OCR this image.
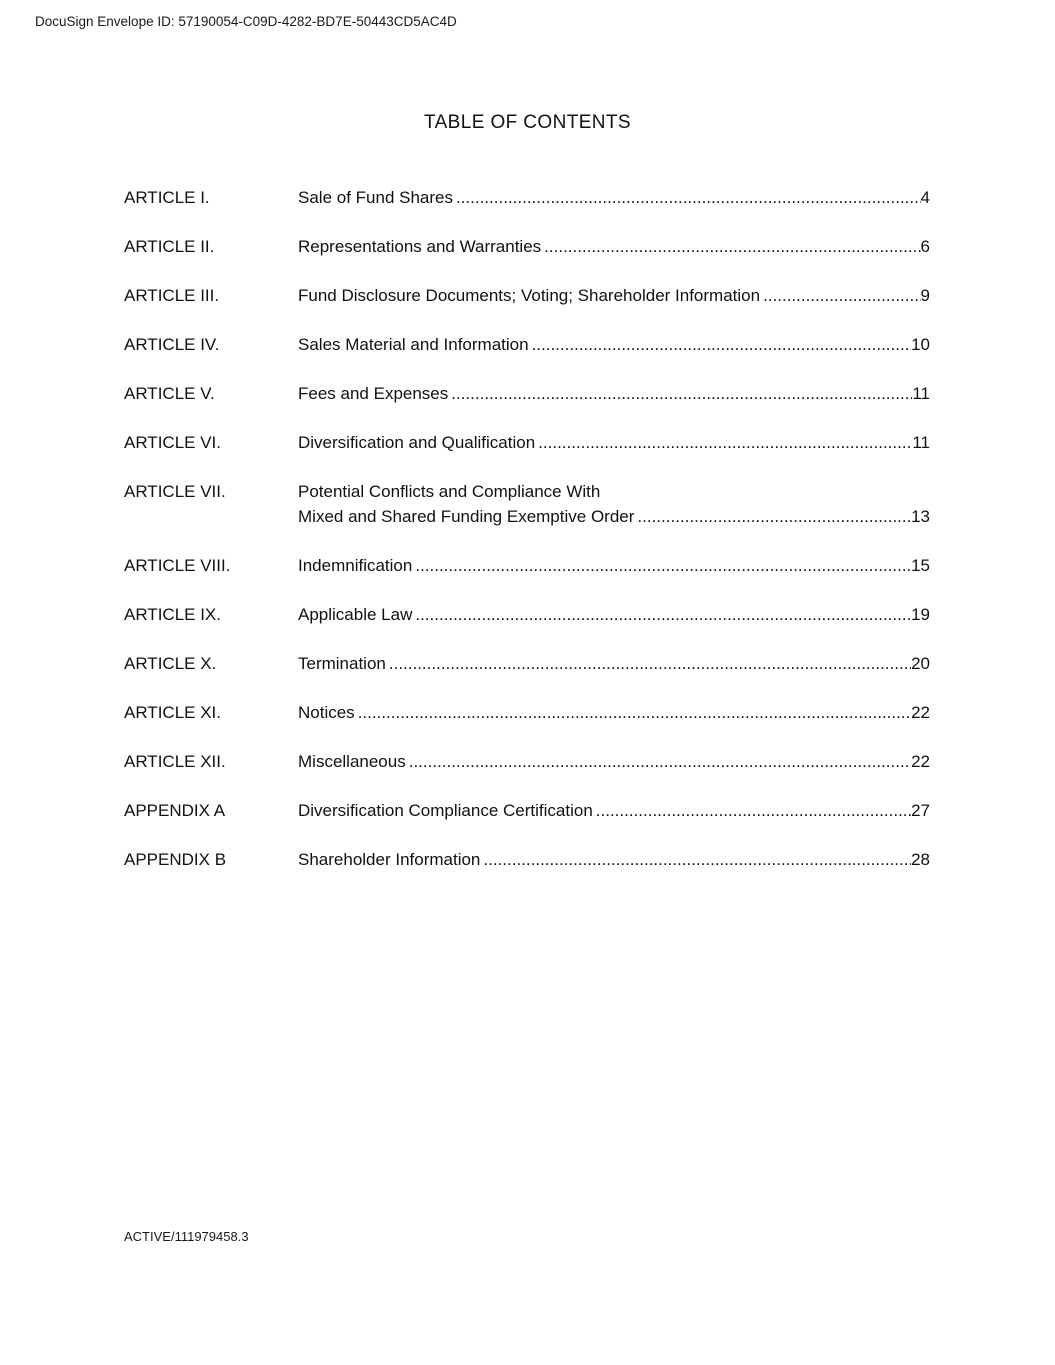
DocuSign Envelope ID: 57190054-C09D-4282-BD7E-50443CD5AC4D
TABLE OF CONTENTS
ARTICLE I.	Sale of Fund Shares .....	4
ARTICLE II.	Representations and Warranties .....	6
ARTICLE III.	Fund Disclosure Documents; Voting; Shareholder Information .....	9
ARTICLE IV.	Sales Material and Information .....	10
ARTICLE V.	Fees and Expenses .....	11
ARTICLE VI.	Diversification and Qualification .....	11
ARTICLE VII.	Potential Conflicts and Compliance With
Mixed and Shared Funding Exemptive Order .....	13
ARTICLE VIII.	Indemnification .....	15
ARTICLE IX.	Applicable Law .....	19
ARTICLE X.	Termination .....	20
ARTICLE XI.	Notices .....	22
ARTICLE XII.	Miscellaneous .....	22
APPENDIX A	Diversification Compliance Certification .....	27
APPENDIX B	Shareholder Information .....	28
ACTIVE/111979458.3
